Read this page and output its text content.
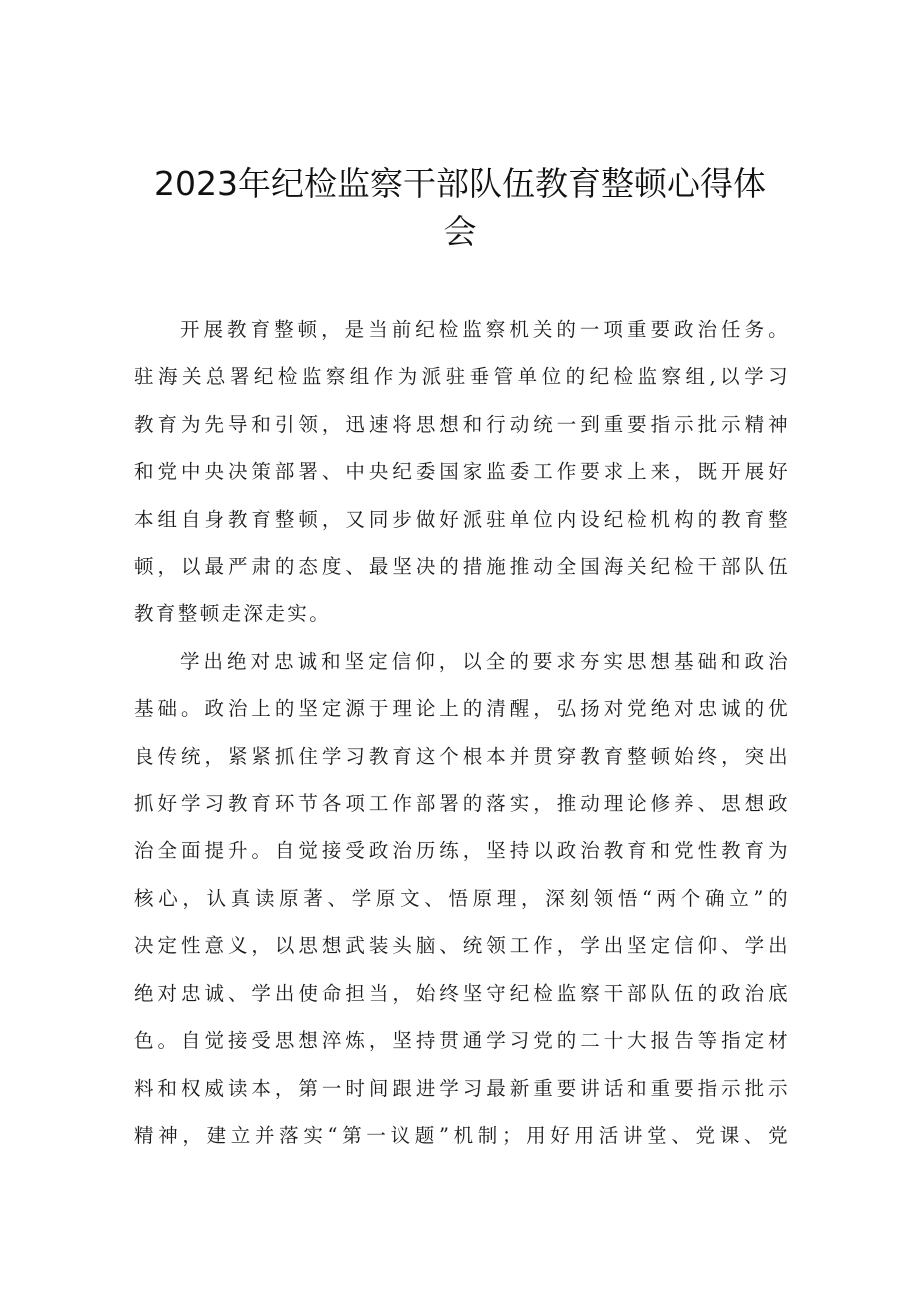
2023年纪检监察干部队伍教育整顿心得体
会

开展教育整顿，是当前纪检监察机关的一项重要政治任务。
驻海关总署纪检监察组作为派驻垂管单位的纪检监察组,以学习
教育为先导和引领，迅速将思想和行动统一到重要指示批示精神
和党中央决策部署、中央纪委国家监委工作要求上来，既开展好
本组自身教育整顿，又同步做好派驻单位内设纪检机构的教育整
顿，以最严肃的态度、最坚决的措施推动全国海关纪检干部队伍
教育整顿走深走实。

学出绝对忠诚和坚定信仰，以全的要求夯实思想基础和政治
基础。政治上的坚定源于理论上的清醒，弘扬对党绝对忠诚的优
良传统，紧紧抓住学习教育这个根本并贯穿教育整顿始终，突出
抓好学习教育环节各项工作部署的落实，推动理论修养、思想政
治全面提升。自觉接受政治历练，坚持以政治教育和党性教育为
核心，认真读原著、学原文、悟原理，深刻领悟“两个确立”的
决定性意义，以思想武装头脑、统领工作，学出坚定信仰、学出
绝对忠诚、学出使命担当，始终坚守纪检监察干部队伍的政治底
色。自觉接受思想淬炼，坚持贯通学习党的二十大报告等指定材
料和权威读本，第一时间跟进学习最新重要讲话和重要指示批示
精神，建立并落实“第一议题”机制；用好用活讲堂、党课、党
